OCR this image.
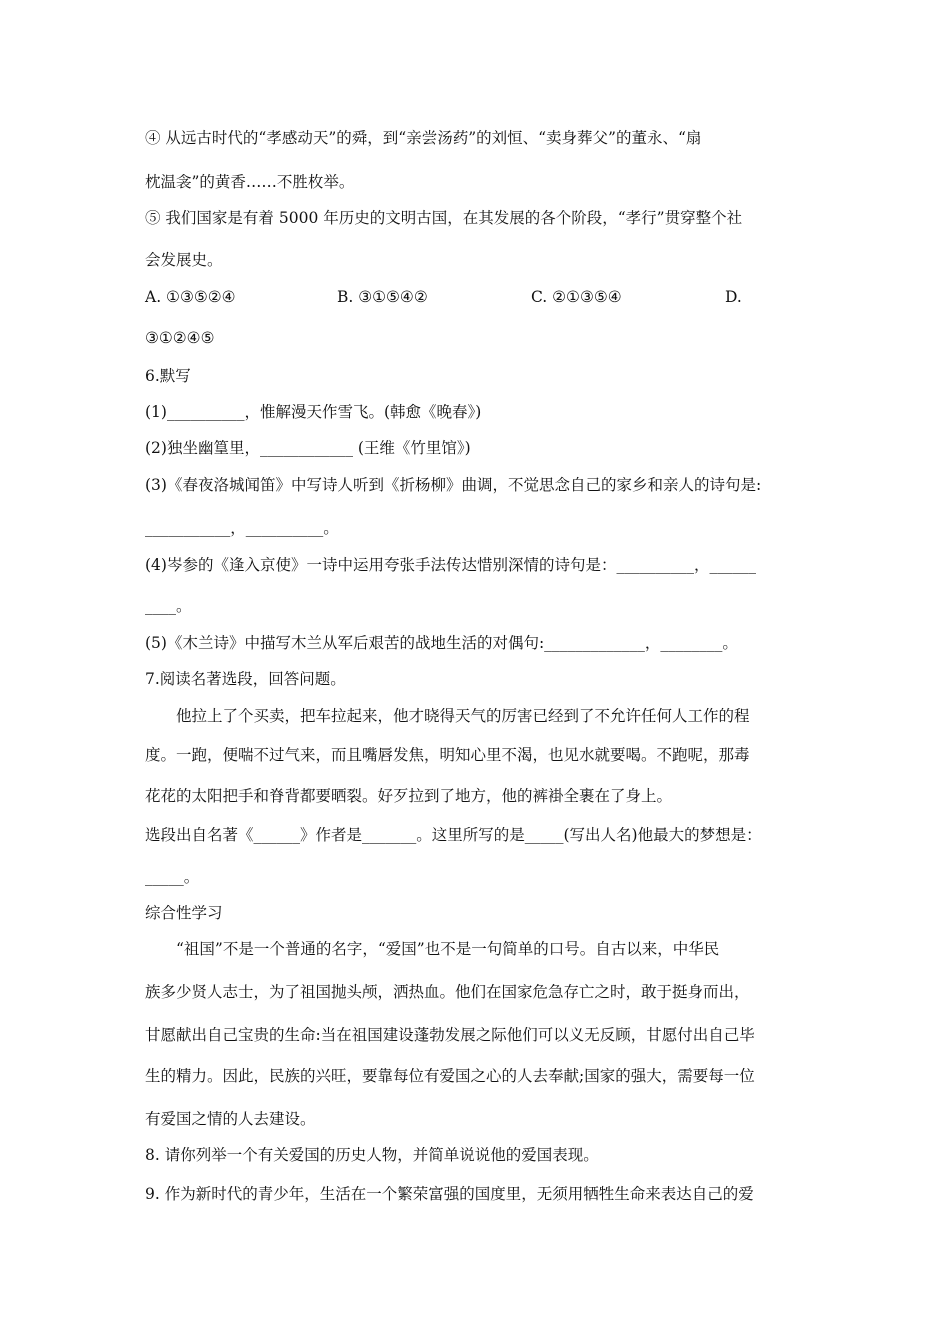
④ 从远古时代的“孝感动天”的舜，到“亲尝汤药”的刘恒、“卖身葬父”的董永、“扇
枕温衾”的黄香……不胜枚举。
⑤ 我们国家是有着 5000 年历史的文明古国，在其发展的各个阶段，“孝行”贯穿整个社
会发展史。
A. ①③⑤②④	B. ③①⑤④②	C. ②①③⑤④	D.
③①②④⑤
6.默写
(1)__________，惟解漫天作雪飞。(韩愈《晚春》)
(2)独坐幽篁里，____________ (王维《竹里馆》)
(3)《春夜洛城闻笛》中写诗人听到《折杨柳》曲调，不觉思念自己的家乡和亲人的诗句是:
___________，__________。
(4)岑参的《逢入京使》一诗中运用夸张手法传达惜别深情的诗句是：__________，______
____。
(5)《木兰诗》中描写木兰从军后艰苦的战地生活的对偶句:_____________，________。
7.阅读名著选段，回答问题。
他拉上了个买卖，把车拉起来，他才晓得天气的厉害已经到了不允许任何人工作的程
度。一跑，便喘不过气来，而且嘴唇发焦，明知心里不渴，也见水就要喝。不跑呢，那毒
花花的太阳把手和脊背都要晒裂。好歹拉到了地方，他的裤褂全裹在了身上。
选段出自名著《______》作者是_______。这里所写的是_____(写出人名)他最大的梦想是：
_____。
综合性学习
“祖国”不是一个普通的名字，“爱国”也不是一句简单的口号。自古以来，中华民
族多少贤人志士，为了祖国抛头颅，洒热血。他们在国家危急存亡之时，敢于挺身而出，
甘愿献出自己宝贵的生命:当在祖国建设蓬勃发展之际他们可以义无反顾，甘愿付出自己毕
生的精力。因此，民族的兴旺，要靠每位有爱国之心的人去奉献;国家的强大，需要每一位
有爱国之情的人去建设。
8. 请你列举一个有关爱国的历史人物，并简单说说他的爱国表现。
9. 作为新时代的青少年，生活在一个繁荣富强的国度里，无须用牺牲生命来表达自己的爱
